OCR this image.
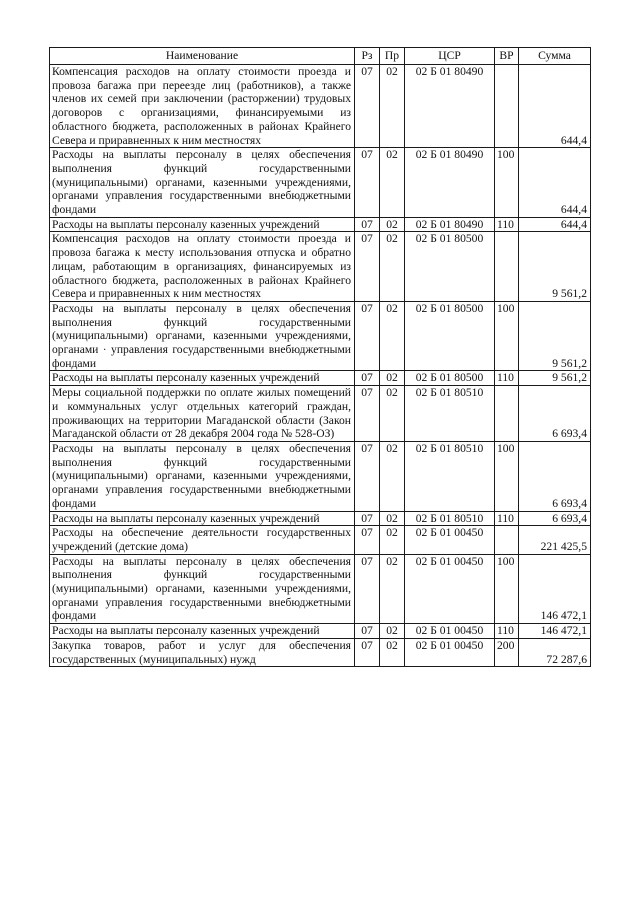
Наименование	Рз	Пр	ЦСР	ВР	Сумма
Компенсация расходов на оплату стоимости проезда и провоза багажа при переезде лиц (работников), а также членов их семей при заключении (расторжении) трудовых договоров с организациями, финансируемыми из областного бюджета, расположенных в районах Крайнего Севера и приравненных к ним местностях	07	02	02 Б 01 80490		644,4
Расходы на выплаты персоналу в целях обеспечения выполнения функций государственными (муниципальными) органами, казенными учреждениями, органами управления государственными внебюджетными фондами	07	02	02 Б 01 80490	100	644,4
Расходы на выплаты персоналу казенных учреждений	07	02	02 Б 01 80490	110	644,4
Компенсация расходов на оплату стоимости проезда и провоза багажа к месту использования отпуска и обратно лицам, работающим в организациях, финансируемых из областного бюджета, расположенных в районах Крайнего Севера и приравненных к ним местностях	07	02	02 Б 01 80500		9 561,2
Расходы на выплаты персоналу в целях обеспечения выполнения функций государственными (муниципальными) органами, казенными учреждениями, органами · управления государственными внебюджетными фондами	07	02	02 Б 01 80500	100	9 561,2
Расходы на выплаты персоналу казенных учреждений	07	02	02 Б 01 80500	110	9 561,2
Меры социальной поддержки по оплате жилых помещений и коммунальных услуг отдельных категорий граждан, проживающих на территории Магаданской области (Закон Магаданской области от 28 декабря 2004 года № 528-ОЗ)	07	02	02 Б 01 80510		6 693,4
Расходы на выплаты персоналу в целях обеспечения выполнения функций государственными (муниципальными) органами, казенными учреждениями, органами управления государственными внебюджетными фондами	07	02	02 Б 01 80510	100	6 693,4
Расходы на выплаты персоналу казенных учреждений	07	02	02 Б 01 80510	110	6 693,4
Расходы на обеспечение деятельности государственных учреждений (детские дома)	07	02	02 Б 01 00450		221 425,5
Расходы на выплаты персоналу в целях обеспечения выполнения функций государственными (муниципальными) органами, казенными учреждениями, органами управления государственными внебюджетными фондами	07	02	02 Б 01 00450	100	146 472,1
Расходы на выплаты персоналу казенных учреждений	07	02	02 Б 01 00450	110	146 472,1
Закупка товаров, работ и услуг для обеспечения государственных (муниципальных) нужд	07	02	02 Б 01 00450	200	72 287,6
